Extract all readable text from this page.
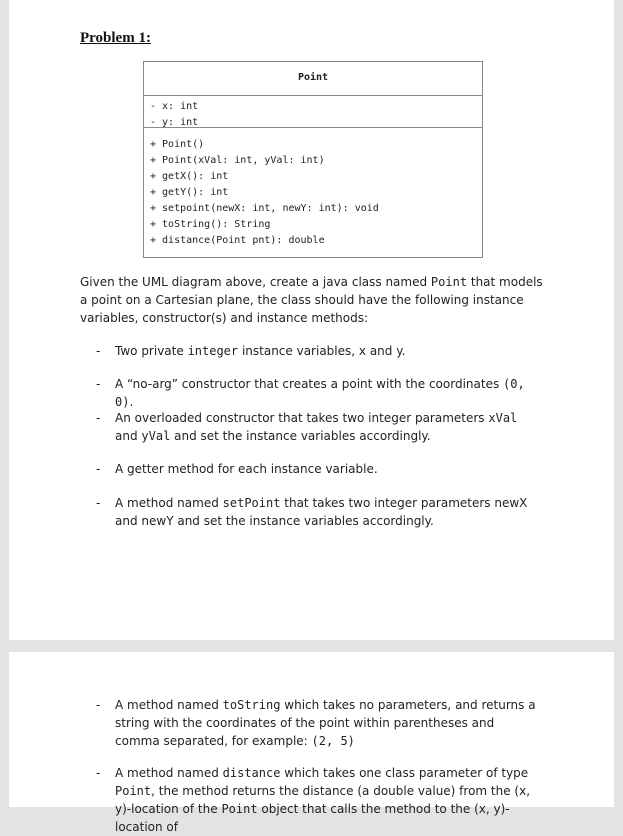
Problem 1:
Point
- x: int
- y: int
+ Point()
+ Point(xVal: int, yVal: int)
+ getX(): int
+ getY(): int
+ setpoint(newX: int, newY: int): void
+ toString(): String
+ distance(Point pnt): double

Given the UML diagram above, create a java class named Point that models a point on a Cartesian plane, the class should have the following instance variables, constructor(s) and instance methods:

- Two private integer instance variables, x and y.
- A “no-arg” constructor that creates a point with the coordinates (0, 0).
- An overloaded constructor that takes two integer parameters xVal and yVal and set the instance variables accordingly.
- A getter method for each instance variable.
- A method named setPoint that takes two integer parameters newX and newY and set the instance variables accordingly.
- A method named toString which takes no parameters, and returns a string with the coordinates of the point within parentheses and comma separated, for example: (2, 5)
- A method named distance which takes one class parameter of type Point, the method returns the distance (a double value) from the (x, y)-location of the Point object that calls the method to the (x, y)-location of
